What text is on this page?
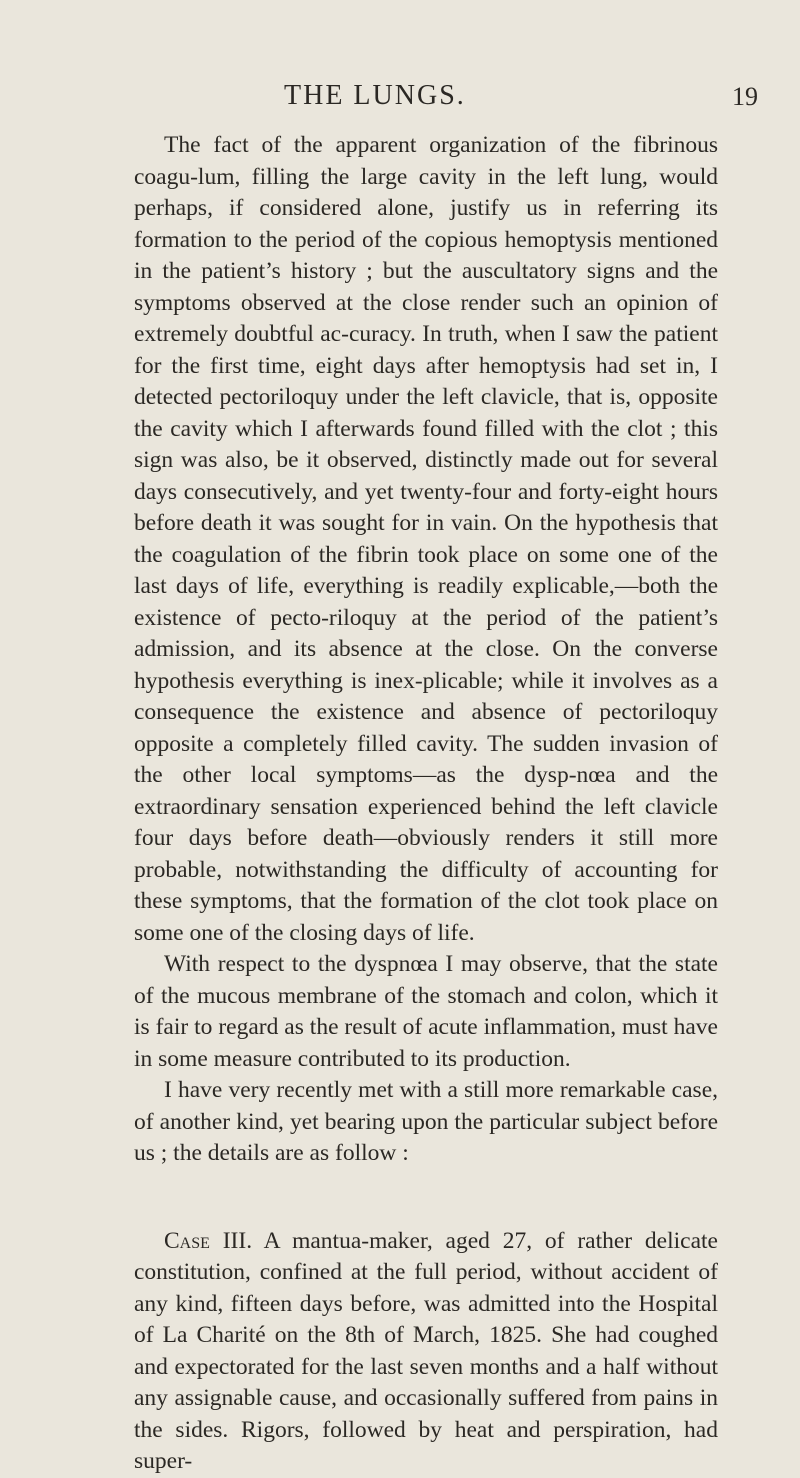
THE LUNGS.	19

The fact of the apparent organization of the fibrinous coagu-lum, filling the large cavity in the left lung, would perhaps, if considered alone, justify us in referring its formation to the period of the copious hemoptysis mentioned in the patient’s history ; but the auscultatory signs and the symptoms observed at the close render such an opinion of extremely doubtful ac-curacy. In truth, when I saw the patient for the first time, eight days after hemoptysis had set in, I detected pectoriloquy under the left clavicle, that is, opposite the cavity which I afterwards found filled with the clot ; this sign was also, be it observed, distinctly made out for several days consecutively, and yet twenty-four and forty-eight hours before death it was sought for in vain. On the hypothesis that the coagulation of the fibrin took place on some one of the last days of life, everything is readily explicable,—both the existence of pecto-riloquy at the period of the patient’s admission, and its absence at the close. On the converse hypothesis everything is inex-plicable; while it involves as a consequence the existence and absence of pectoriloquy opposite a completely filled cavity. The sudden invasion of the other local symptoms—as the dysp-nœa and the extraordinary sensation experienced behind the left clavicle four days before death—obviously renders it still more probable, notwithstanding the difficulty of accounting for these symptoms, that the formation of the clot took place on some one of the closing days of life.

With respect to the dyspnœa I may observe, that the state of the mucous membrane of the stomach and colon, which it is fair to regard as the result of acute inflammation, must have in some measure contributed to its production.

I have very recently met with a still more remarkable case, of another kind, yet bearing upon the particular subject before us ; the details are as follow :

Case III. A mantua-maker, aged 27, of rather delicate constitution, confined at the full period, without accident of any kind, fifteen days before, was admitted into the Hospital of La Charité on the 8th of March, 1825. She had coughed and expectorated for the last seven months and a half without any assignable cause, and occasionally suffered from pains in the sides. Rigors, followed by heat and perspiration, had super-
